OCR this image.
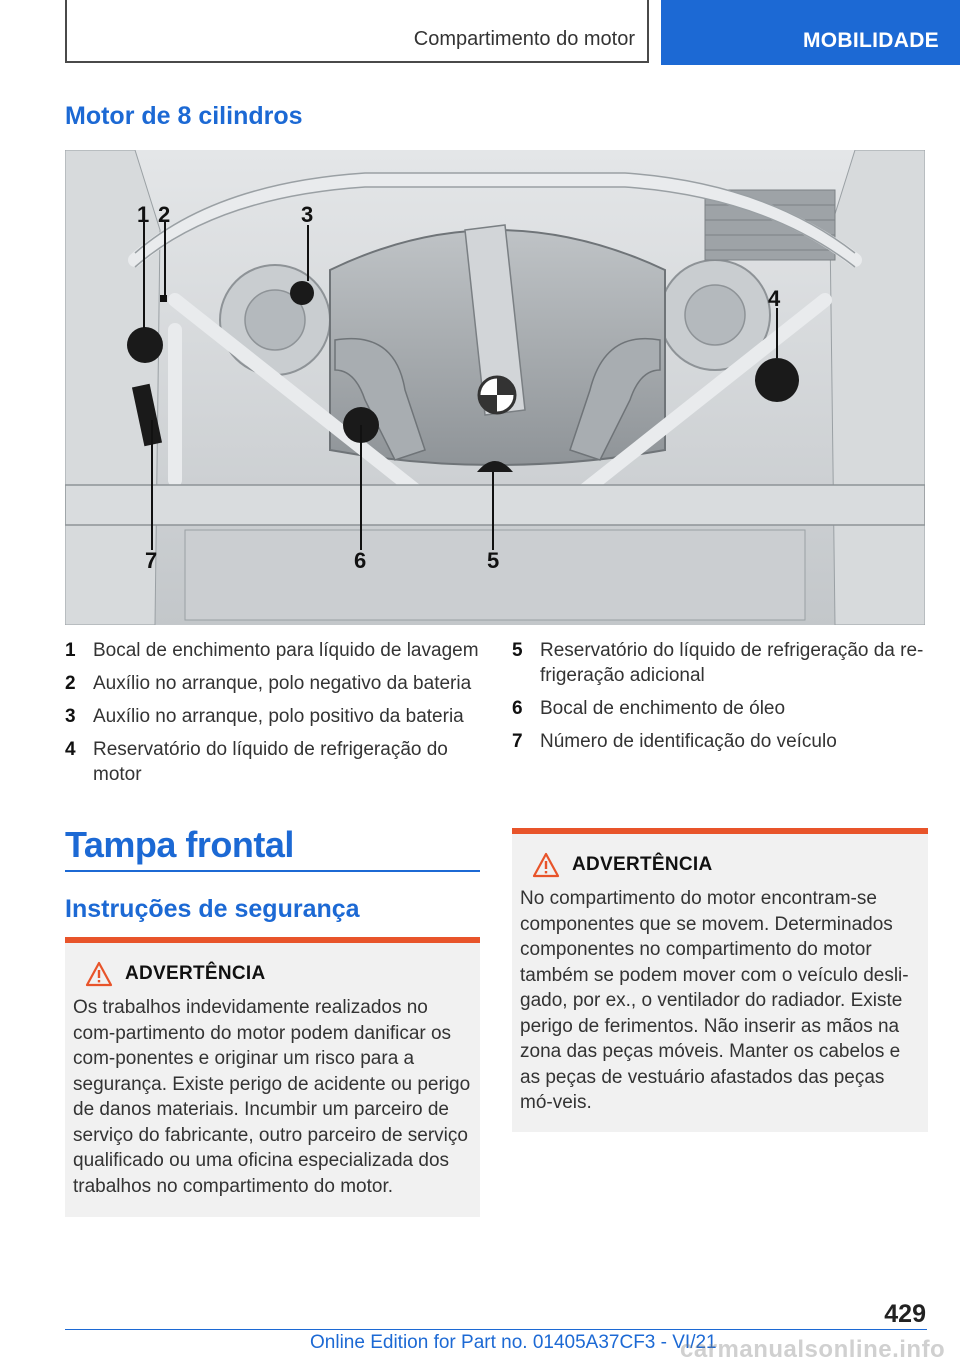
Compartimento do motor	MOBILIDADE
Motor de 8 cilindros
1 2	3
4
5
6
7
1 Bocal de enchimento para líquido de lavagem
2 Auxílio no arranque, polo negativo da bateria
3 Auxílio no arranque, polo positivo da bateria
4 Reservatório do líquido de refrigeração do motor
5 Reservatório do líquido de refrigeração da re-frigeração adicional
6 Bocal de enchimento de óleo
7 Número de identificação do veículo
Tampa frontal
Instruções de segurança
ADVERTÊNCIA
Os trabalhos indevidamente realizados no com-partimento do motor podem danificar os com-ponentes e originar um risco para a segurança. Existe perigo de acidente ou perigo de danos materiais. Incumbir um parceiro de serviço do fabricante, outro parceiro de serviço qualificado ou uma oficina especializada dos trabalhos no compartimento do motor.
ADVERTÊNCIA
No compartimento do motor encontram-se componentes que se movem. Determinados componentes no compartimento do motor também se podem mover com o veículo desli-gado, por ex., o ventilador do radiador. Existe perigo de ferimentos. Não inserir as mãos na zona das peças móveis. Manter os cabelos e as peças de vestuário afastados das peças mó-veis.
429
Online Edition for Part no. 01405A37CF3 - VI/21
carmanualsonline.info
